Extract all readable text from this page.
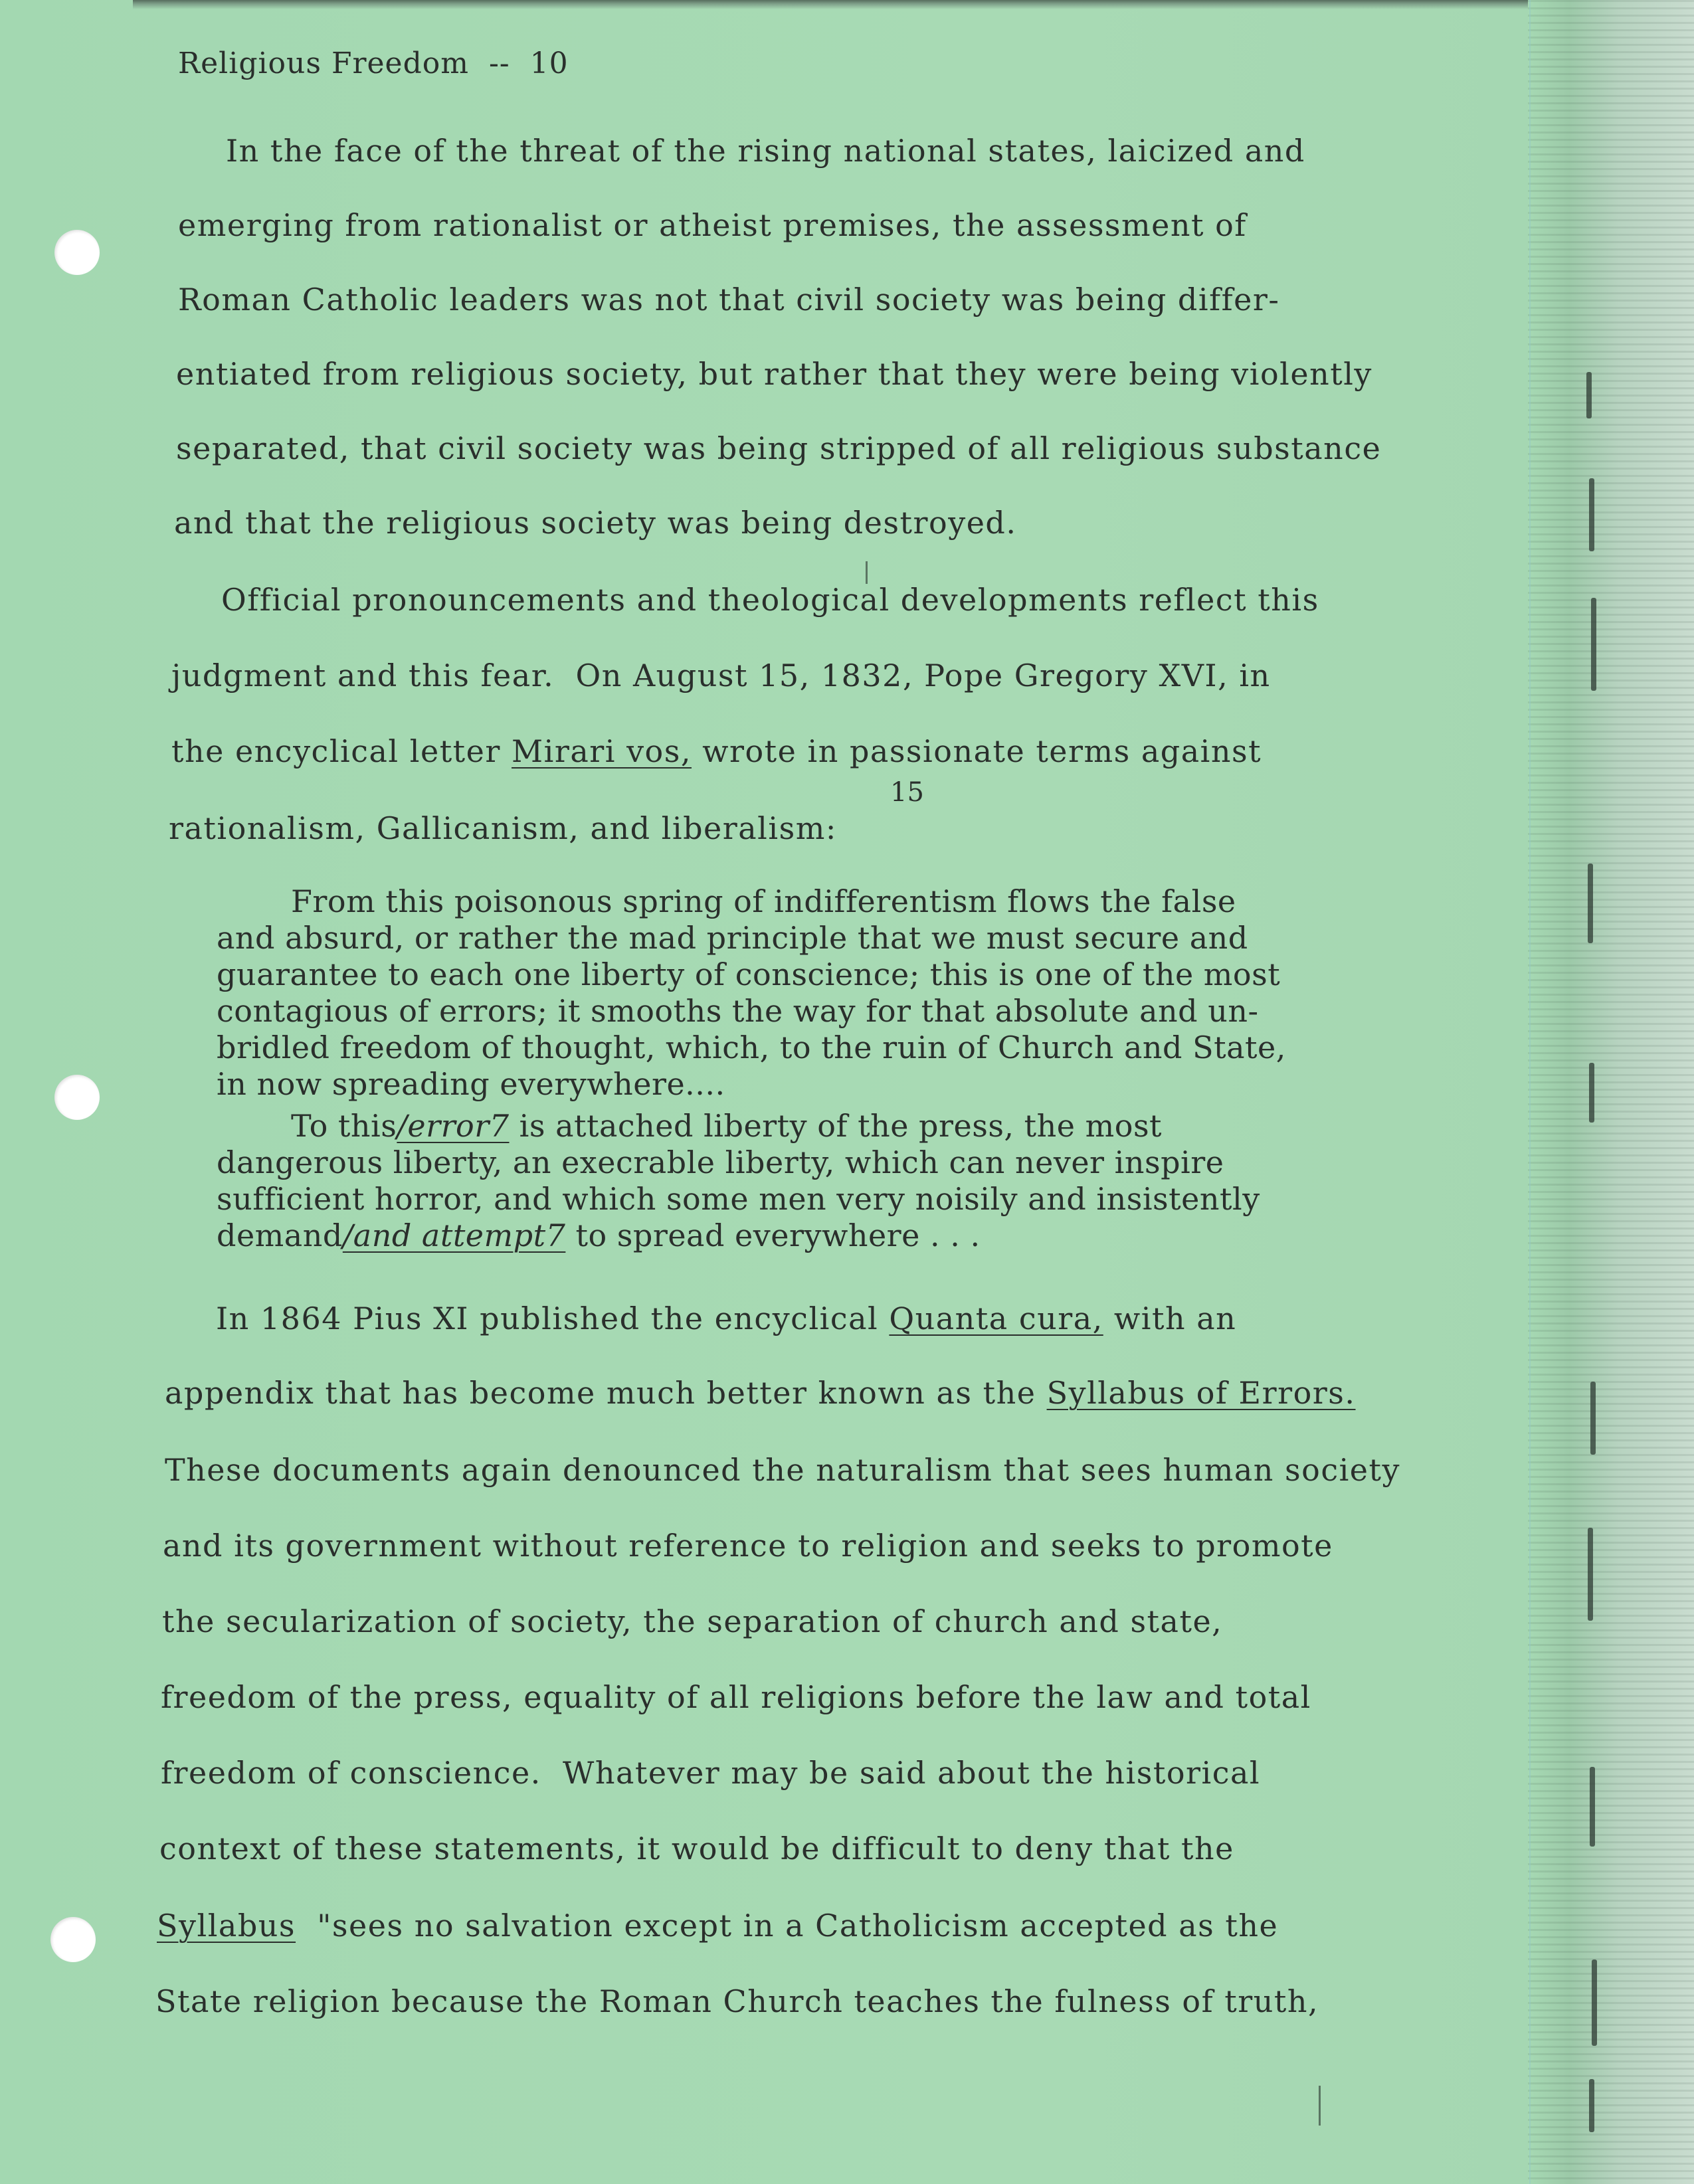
Religious Freedom  --  10
In the face of the threat of the rising national states, laicized and
emerging from rationalist or atheist premises, the assessment of
Roman Catholic leaders was not that civil society was being differ-
entiated from religious society, but rather that they were being violently
separated, that civil society was being stripped of all religious substance
and that the religious society was being destroyed.
Official pronouncements and theological developments reflect this
judgment and this fear.  On August 15, 1832, Pope Gregory XVI, in
the encyclical letter Mirari vos, wrote in passionate terms against
15
rationalism, Gallicanism, and liberalism:
From this poisonous spring of indifferentism flows the false
and absurd, or rather the mad principle that we must secure and
guarantee to each one liberty of conscience; this is one of the most
contagious of errors; it smooths the way for that absolute and un-
bridled freedom of thought, which, to the ruin of Church and State,
in now spreading everywhere....
To this/error7 is attached liberty of the press, the most
dangerous liberty, an execrable liberty, which can never inspire
sufficient horror, and which some men very noisily and insistently
demand/and attempt7 to spread everywhere . . .
In 1864 Pius XI published the encyclical Quanta cura, with an
appendix that has become much better known as the Syllabus of Errors.
These documents again denounced the naturalism that sees human society
and its government without reference to religion and seeks to promote
the secularization of society, the separation of church and state,
freedom of the press, equality of all religions before the law and total
freedom of conscience.  Whatever may be said about the historical
context of these statements, it would be difficult to deny that the
Syllabus  "sees no salvation except in a Catholicism accepted as the
State religion because the Roman Church teaches the fulness of truth,
